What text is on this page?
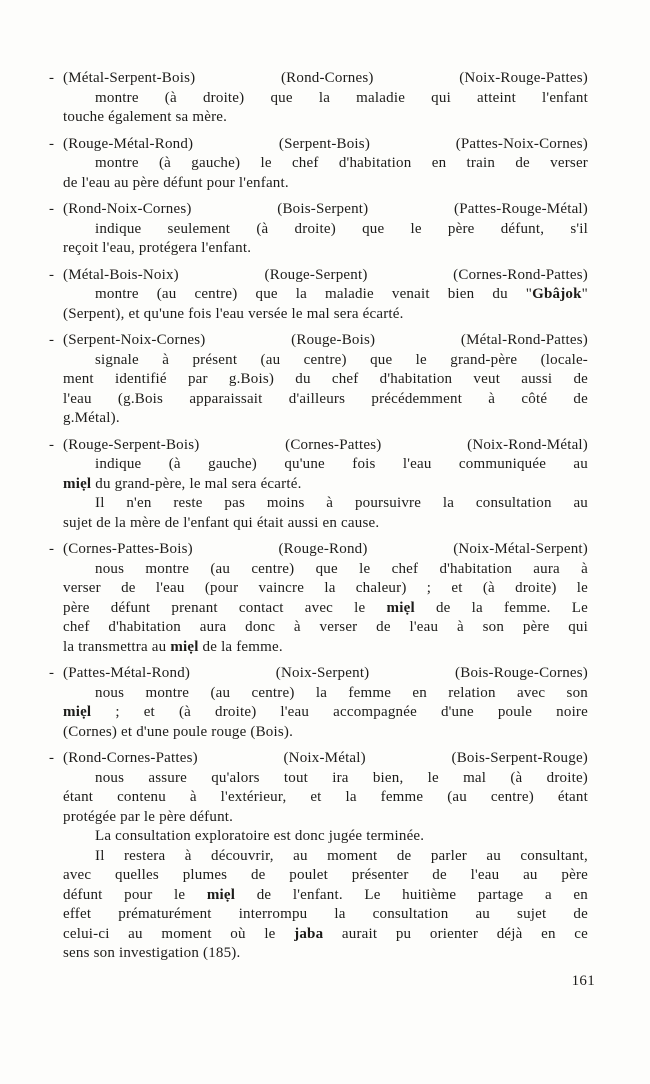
- (Métal-Serpent-Bois) (Rond-Cornes) (Noix-Rouge-Pattes)
montre (à droite) que la maladie qui atteint l'enfant
touche également sa mère.
- (Rouge-Métal-Rond) (Serpent-Bois) (Pattes-Noix-Cornes)
montre (à gauche) le chef d'habitation en train de verser
de l'eau au père défunt pour l'enfant.
- (Rond-Noix-Cornes) (Bois-Serpent) (Pattes-Rouge-Métal)
indique seulement (à droite) que le père défunt, s'il
reçoit l'eau, protégera l'enfant.
- (Métal-Bois-Noix) (Rouge-Serpent) (Cornes-Rond-Pattes)
montre (au centre) que la maladie venait bien du "Gbâjok"
(Serpent), et qu'une fois l'eau versée le mal sera écarté.
- (Serpent-Noix-Cornes) (Rouge-Bois) (Métal-Rond-Pattes)
signale à présent (au centre) que le grand-père (locale-
ment identifié par g.Bois) du chef d'habitation veut aussi de
l'eau (g.Bois apparaissait d'ailleurs précédemment à côté de
g.Métal).
- (Rouge-Serpent-Bois) (Cornes-Pattes) (Noix-Rond-Métal)
indique (à gauche) qu'une fois l'eau communiquée au
miẹl du grand-père, le mal sera écarté.
Il n'en reste pas moins à poursuivre la consultation au
sujet de la mère de l'enfant qui était aussi en cause.
- (Cornes-Pattes-Bois) (Rouge-Rond) (Noix-Métal-Serpent)
nous montre (au centre) que le chef d'habitation aura à
verser de l'eau (pour vaincre la chaleur) ; et (à droite) le
père défunt prenant contact avec le miẹl de la femme. Le
chef d'habitation aura donc à verser de l'eau à son père qui
la transmettra au miẹl de la femme.
- (Pattes-Métal-Rond) (Noix-Serpent) (Bois-Rouge-Cornes)
nous montre (au centre) la femme en relation avec son
miẹl ; et (à droite) l'eau accompagnée d'une poule noire
(Cornes) et d'une poule rouge (Bois).
- (Rond-Cornes-Pattes) (Noix-Métal) (Bois-Serpent-Rouge)
nous assure qu'alors tout ira bien, le mal (à droite)
étant contenu à l'extérieur, et la femme (au centre) étant
protégée par le père défunt.
La consultation exploratoire est donc jugée terminée.
Il restera à découvrir, au moment de parler au consultant,
avec quelles plumes de poulet présenter de l'eau au père
défunt pour le miẹl de l'enfant. Le huitième partage a en
effet prématurément interrompu la consultation au sujet de
celui-ci au moment où le jaba aurait pu orienter déjà en ce
sens son investigation (185).
161
